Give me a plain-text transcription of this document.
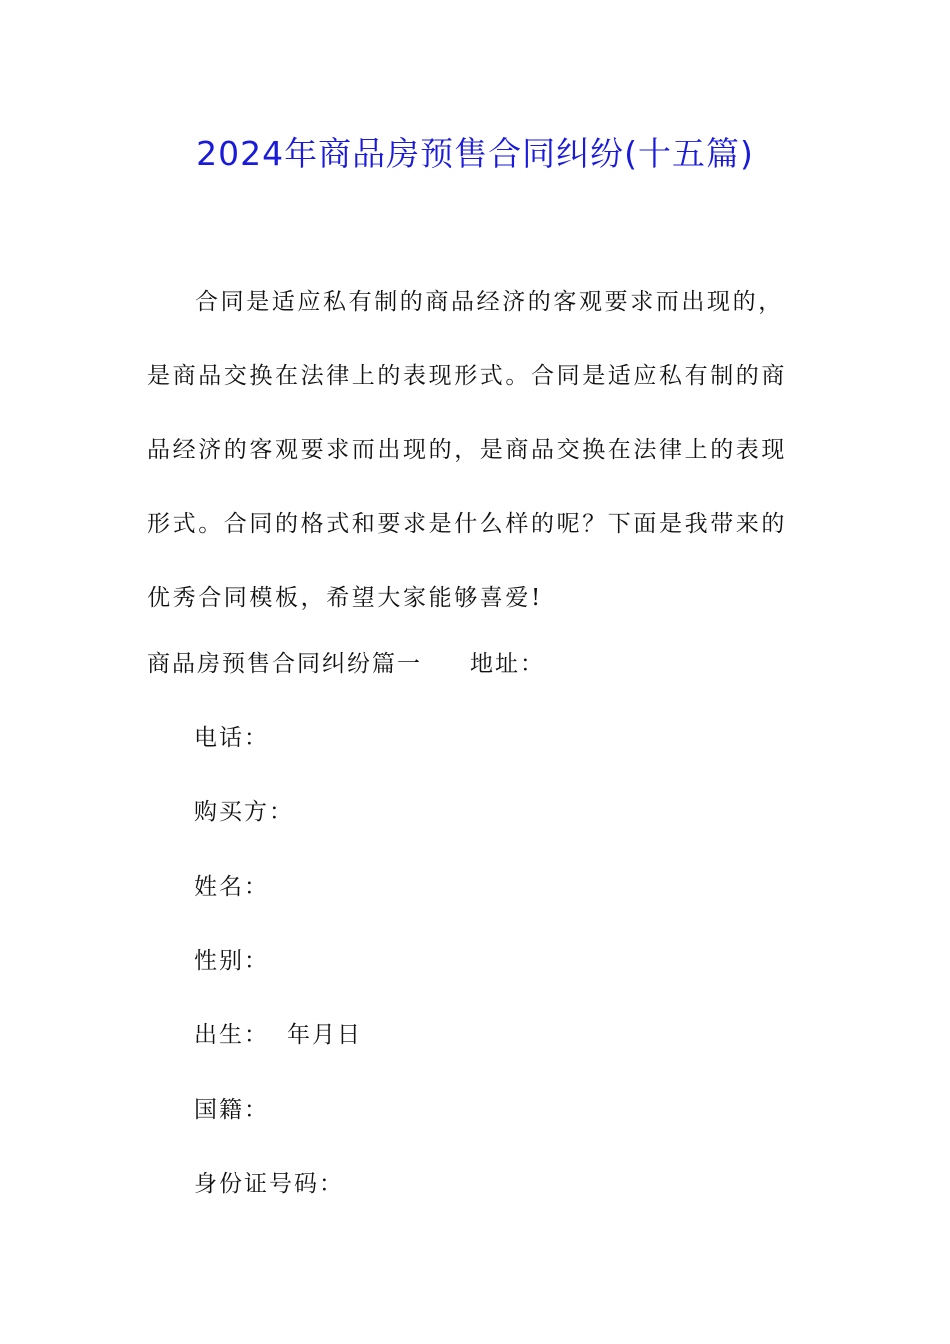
2024年商品房预售合同纠纷(十五篇)

合同是适应私有制的商品经济的客观要求而出现的，是商品交换在法律上的表现形式。合同是适应私有制的商品经济的客观要求而出现的，是商品交换在法律上的表现形式。合同的格式和要求是什么样的呢？下面是我带来的优秀合同模板，希望大家能够喜爱!

商品房预售合同纠纷篇一 地址：
电话：
购买方：
姓名：
性别：
出生： 年月日
国籍：
身份证号码：
